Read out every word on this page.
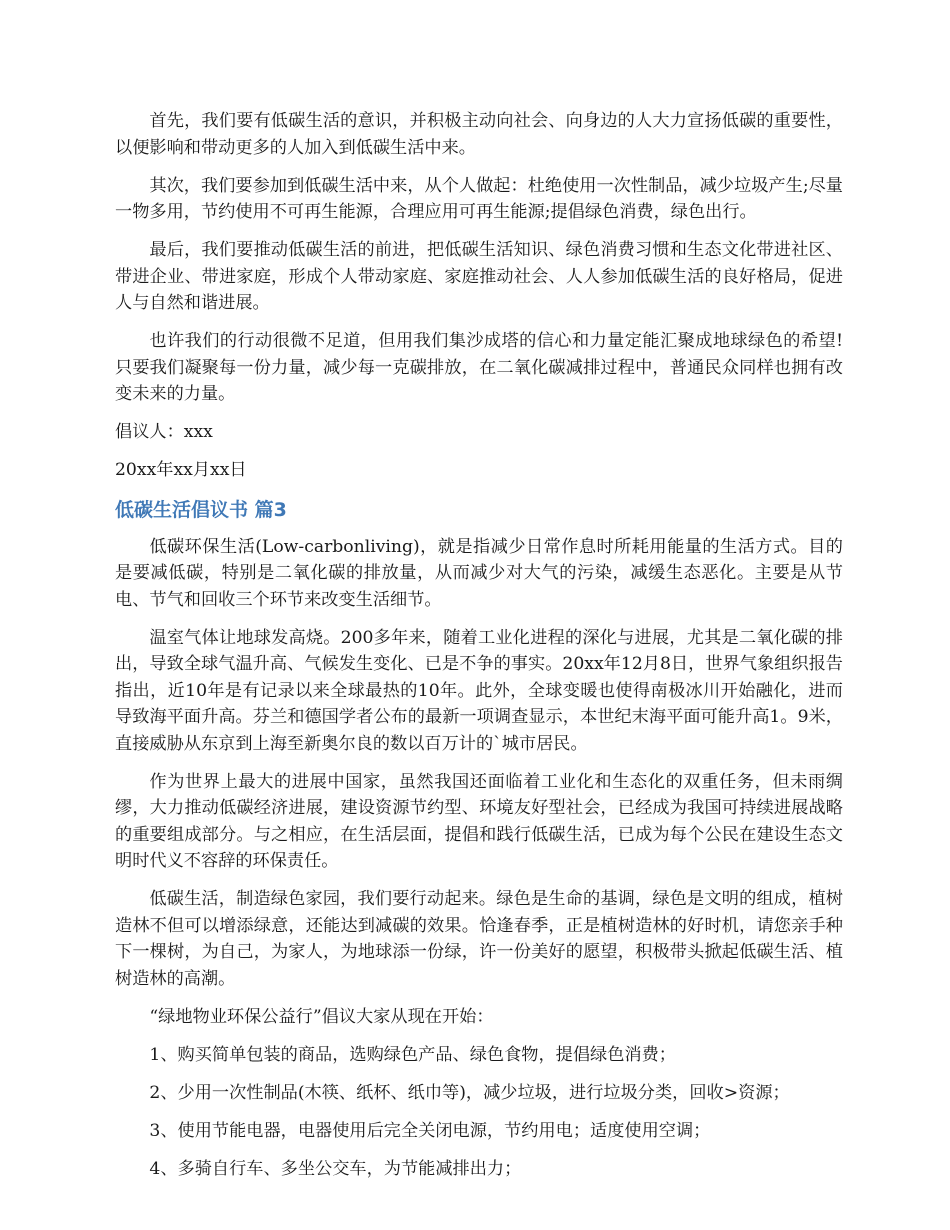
首先，我们要有低碳生活的意识，并积极主动向社会、向身边的人大力宣扬低碳的重要性，以便影响和带动更多的人加入到低碳生活中来。

其次，我们要参加到低碳生活中来，从个人做起：杜绝使用一次性制品，减少垃圾产生;尽量一物多用，节约使用不可再生能源，合理应用可再生能源;提倡绿色消费，绿色出行。

最后，我们要推动低碳生活的前进，把低碳生活知识、绿色消费习惯和生态文化带进社区、带进企业、带进家庭，形成个人带动家庭、家庭推动社会、人人参加低碳生活的良好格局，促进人与自然和谐进展。

也许我们的行动很微不足道，但用我们集沙成塔的信心和力量定能汇聚成地球绿色的希望!只要我们凝聚每一份力量，减少每一克碳排放，在二氧化碳减排过程中，普通民众同样也拥有改变未来的力量。

倡议人：xxx

20xx年xx月xx日

低碳生活倡议书 篇3

低碳环保生活(Low-carbonliving)，就是指减少日常作息时所耗用能量的生活方式。目的是要减低碳，特别是二氧化碳的排放量，从而减少对大气的污染，减缓生态恶化。主要是从节电、节气和回收三个环节来改变生活细节。

温室气体让地球发高烧。200多年来，随着工业化进程的深化与进展，尤其是二氧化碳的排出，导致全球气温升高、气候发生变化、已是不争的事实。20xx年12月8日，世界气象组织报告指出，近10年是有记录以来全球最热的10年。此外，全球变暖也使得南极冰川开始融化，进而导致海平面升高。芬兰和德国学者公布的最新一项调查显示，本世纪末海平面可能升高1。9米，直接威胁从东京到上海至新奥尔良的数以百万计的`城市居民。

作为世界上最大的进展中国家，虽然我国还面临着工业化和生态化的双重任务，但未雨绸缪，大力推动低碳经济进展，建设资源节约型、环境友好型社会，已经成为我国可持续进展战略的重要组成部分。与之相应，在生活层面，提倡和践行低碳生活，已成为每个公民在建设生态文明时代义不容辞的环保责任。

低碳生活，制造绿色家园，我们要行动起来。绿色是生命的基调，绿色是文明的组成，植树造林不但可以增添绿意，还能达到减碳的效果。恰逢春季，正是植树造林的好时机，请您亲手种下一棵树，为自己，为家人，为地球添一份绿，许一份美好的愿望，积极带头掀起低碳生活、植树造林的高潮。

“绿地物业环保公益行”倡议大家从现在开始：

1、购买简单包装的商品，选购绿色产品、绿色食物，提倡绿色消费；

2、少用一次性制品(木筷、纸杯、纸巾等)，减少垃圾，进行垃圾分类，回收>资源；

3、使用节能电器，电器使用后完全关闭电源，节约用电；适度使用空调；

4、多骑自行车、多坐公交车，为节能减排出力；
